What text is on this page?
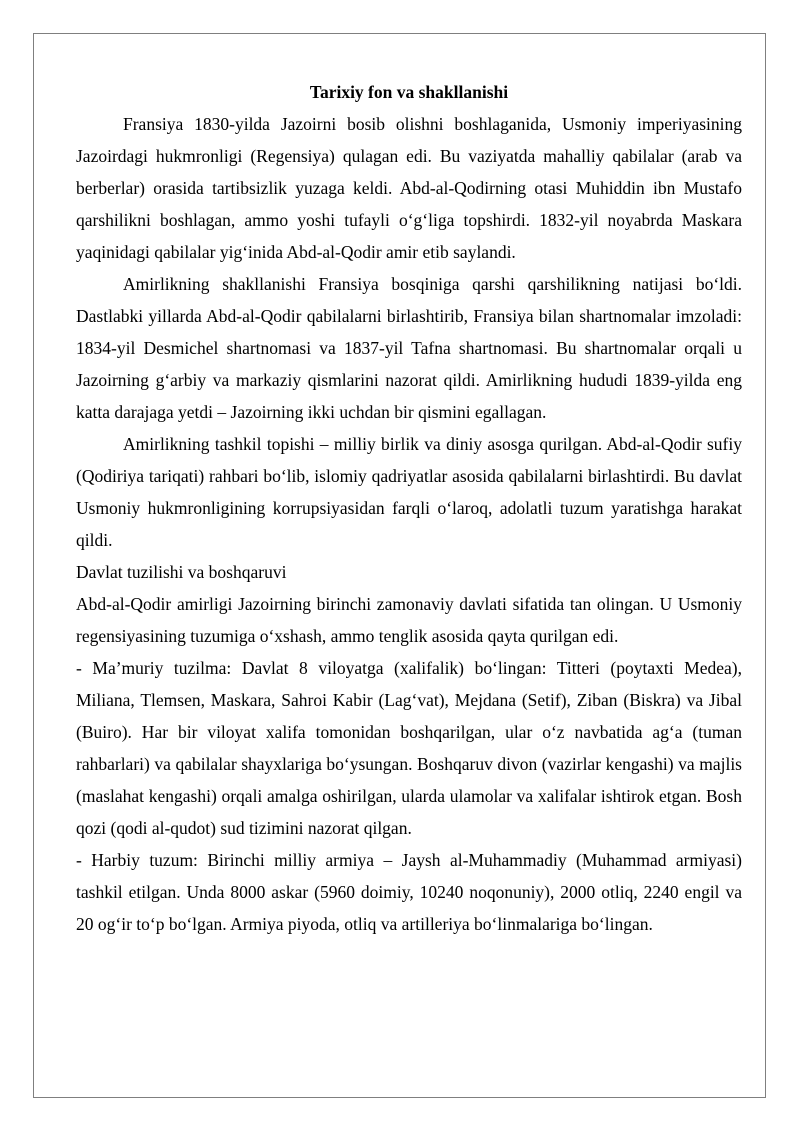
Tarixiy fon va shakllanishi

Fransiya 1830-yilda Jazoirni bosib olishni boshlaganida, Usmoniy imperiyasining Jazoirdagi hukmronligi (Regensiya) qulagan edi. Bu vaziyatda mahalliy qabilalar (arab va berberlar) orasida tartibsizlik yuzaga keldi. Abd-al-Qodirning otasi Muhiddin ibn Mustafo qarshilikni boshlagan, ammo yoshi tufayli o‘g‘liga topshirdi. 1832-yil noyabrda Maskara yaqinidagi qabilalar yig‘inida Abd-al-Qodir amir etib saylandi.

Amirlikning shakllanishi Fransiya bosqiniga qarshi qarshilikning natijasi bo‘ldi. Dastlabki yillarda Abd-al-Qodir qabilalarni birlashtirib, Fransiya bilan shartnomalar imzoladi: 1834-yil Desmichel shartnomasi va 1837-yil Tafna shartnomasi. Bu shartnomalar orqali u Jazoirning g‘arbiy va markaziy qismlarini nazorat qildi. Amirlikning hududi 1839-yilda eng katta darajaga yetdi – Jazoirning ikki uchdan bir qismini egallagan.

Amirlikning tashkil topishi – milliy birlik va diniy asosga qurilgan. Abd-al-Qodir sufiy (Qodiriya tariqati) rahbari bo‘lib, islomiy qadriyatlar asosida qabilalarni birlashtirdi. Bu davlat Usmoniy hukmronligining korrupsiyasidan farqli o‘laroq, adolatli tuzum yaratishga harakat qildi.

Davlat tuzilishi va boshqaruvi

Abd-al-Qodir amirligi Jazoirning birinchi zamonaviy davlati sifatida tan olingan. U Usmoniy regensiyasining tuzumiga o‘xshash, ammo tenglik asosida qayta qurilgan edi.

- Ma’muriy tuzilma: Davlat 8 viloyatga (xalifalik) bo‘lingan: Titteri (poytaxti Medea), Miliana, Tlemsen, Maskara, Sahroi Kabir (Lag‘vat), Mejdana (Setif), Ziban (Biskra) va Jibal (Buiro). Har bir viloyat xalifa tomonidan boshqarilgan, ular o‘z navbatida ag‘a (tuman rahbarlari) va qabilalar shayxlariga bo‘ysungan. Boshqaruv divon (vazirlar kengashi) va majlis (maslahat kengashi) orqali amalga oshirilgan, ularda ulamolar va xalifalar ishtirok etgan. Bosh qozi (qodi al-qudot) sud tizimini nazorat qilgan.

- Harbiy tuzum: Birinchi milliy armiya – Jaysh al-Muhammadiy (Muhammad armiyasi) tashkil etilgan. Unda 8000 askar (5960 doimiy, 10240 noqonuniy), 2000 otliq, 2240 engil va 20 og‘ir to‘p bo‘lgan. Armiya piyoda, otliq va artilleriya bo‘linmalariga bo‘lingan.
